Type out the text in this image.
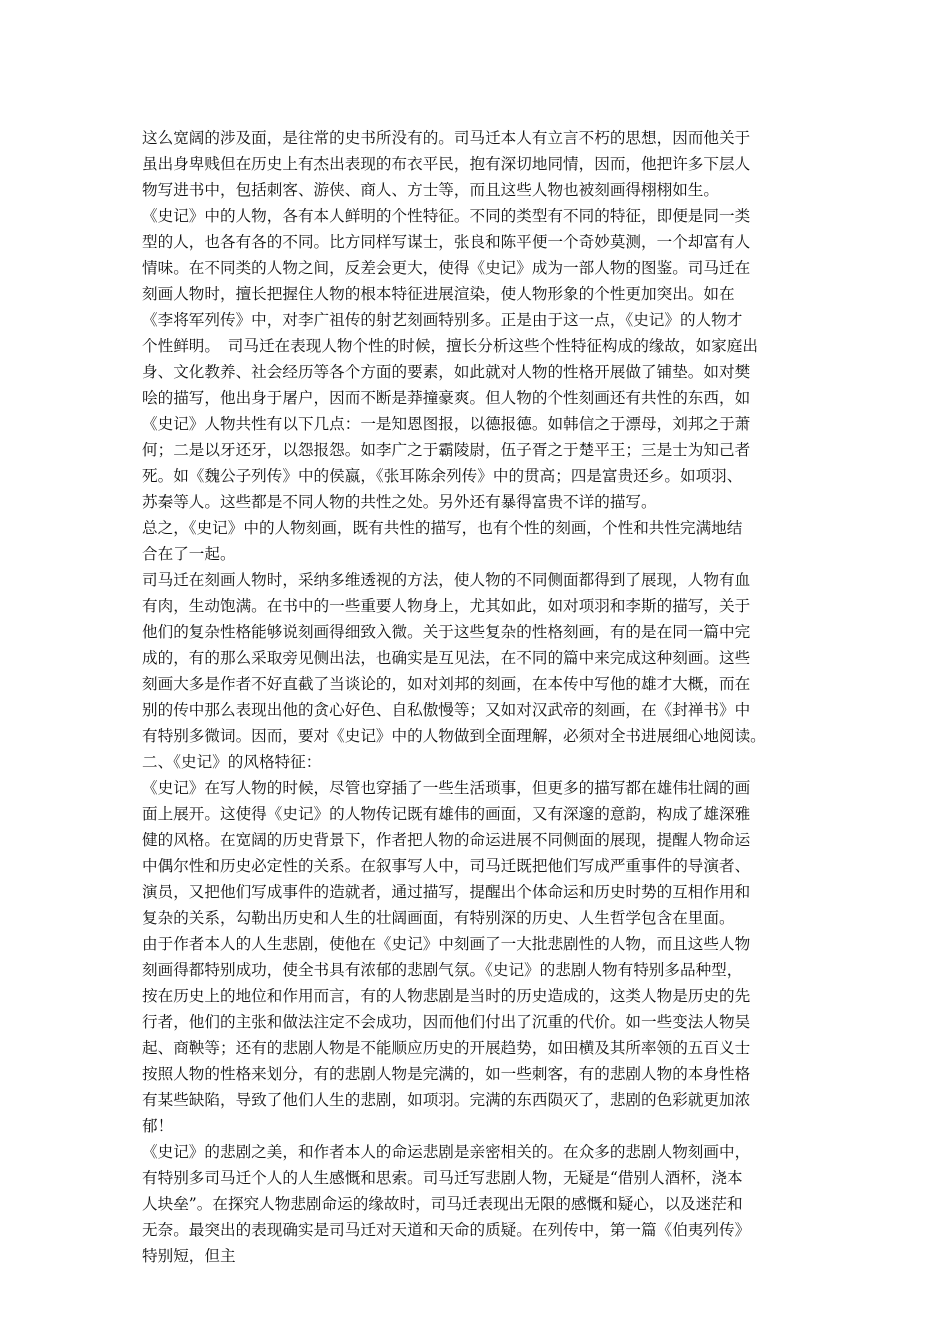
这么宽阔的涉及面，是往常的史书所没有的。司马迁本人有立言不朽的思想，因而他关于
虽出身卑贱但在历史上有杰出表现的布衣平民，抱有深切地同情，因而，他把许多下层人
物写进书中，包括刺客、游侠、商人、方士等，而且这些人物也被刻画得栩栩如生。
《史记》中的人物，各有本人鲜明的个性特征。不同的类型有不同的特征，即便是同一类
型的人，也各有各的不同。比方同样写谋士，张良和陈平便一个奇妙莫测，一个却富有人
情味。在不同类的人物之间，反差会更大，使得《史记》成为一部人物的图鉴。司马迁在
刻画人物时，擅长把握住人物的根本特征进展渲染，使人物形象的个性更加突出。如在
《李将军列传》中，对李广祖传的射艺刻画特别多。正是由于这一点，《史记》的人物才
个性鲜明。　司马迁在表现人物个性的时候，擅长分析这些个性特征构成的缘故，如家庭出
身、文化教养、社会经历等各个方面的要素，如此就对人物的性格开展做了铺垫。如对樊
哙的描写，他出身于屠户，因而不断是莽撞豪爽。但人物的个性刻画还有共性的东西，如
《史记》人物共性有以下几点：一是知恩图报，以德报德。如韩信之于漂母，刘邦之于萧
何；二是以牙还牙，以怨报怨。如李广之于霸陵尉，伍子胥之于楚平王；三是士为知己者
死。如《魏公子列传》中的侯嬴，《张耳陈余列传》中的贯高；四是富贵还乡。如项羽、
苏秦等人。这些都是不同人物的共性之处。另外还有暴得富贵不详的描写。
总之，《史记》中的人物刻画，既有共性的描写，也有个性的刻画，个性和共性完满地结
合在了一起。
司马迁在刻画人物时，采纳多维透视的方法，使人物的不同侧面都得到了展现，人物有血
有肉，生动饱满。在书中的一些重要人物身上，尤其如此，如对项羽和李斯的描写，关于
他们的复杂性格能够说刻画得细致入微。关于这些复杂的性格刻画，有的是在同一篇中完
成的，有的那么采取旁见侧出法，也确实是互见法，在不同的篇中来完成这种刻画。这些
刻画大多是作者不好直截了当谈论的，如对刘邦的刻画，在本传中写他的雄才大概，而在
别的传中那么表现出他的贪心好色、自私傲慢等；又如对汉武帝的刻画，在《封禅书》中
有特别多微词。因而，要对《史记》中的人物做到全面理解，必须对全书进展细心地阅读。
二、《史记》的风格特征：
《史记》在写人物的时候，尽管也穿插了一些生活琐事，但更多的描写都在雄伟壮阔的画
面上展开。这使得《史记》的人物传记既有雄伟的画面，又有深邃的意韵，构成了雄深雅
健的风格。在宽阔的历史背景下，作者把人物的命运进展不同侧面的展现，提醒人物命运
中偶尔性和历史必定性的关系。在叙事写人中，司马迁既把他们写成严重事件的导演者、
演员，又把他们写成事件的造就者，通过描写，提醒出个体命运和历史时势的互相作用和
复杂的关系，勾勒出历史和人生的壮阔画面，有特别深的历史、人生哲学包含在里面。
由于作者本人的人生悲剧，使他在《史记》中刻画了一大批悲剧性的人物，而且这些人物
刻画得都特别成功，使全书具有浓郁的悲剧气氛。《史记》的悲剧人物有特别多品种型，
按在历史上的地位和作用而言，有的人物悲剧是当时的历史造成的，这类人物是历史的先
行者，他们的主张和做法注定不会成功，因而他们付出了沉重的代价。如一些变法人物吴
起、商鞅等；还有的悲剧人物是不能顺应历史的开展趋势，如田横及其所率领的五百义士
按照人物的性格来划分，有的悲剧人物是完满的，如一些刺客，有的悲剧人物的本身性格
有某些缺陷，导致了他们人生的悲剧，如项羽。完满的东西陨灭了，悲剧的色彩就更加浓
郁！
《史记》的悲剧之美，和作者本人的命运悲剧是亲密相关的。在众多的悲剧人物刻画中，
有特别多司马迁个人的人生感慨和思索。司马迁写悲剧人物，无疑是“借别人酒杯，浇本
人块垒”。在探究人物悲剧命运的缘故时，司马迁表现出无限的感慨和疑心，以及迷茫和
无奈。最突出的表现确实是司马迁对天道和天命的质疑。在列传中，第一篇《伯夷列传》
特别短，但主
